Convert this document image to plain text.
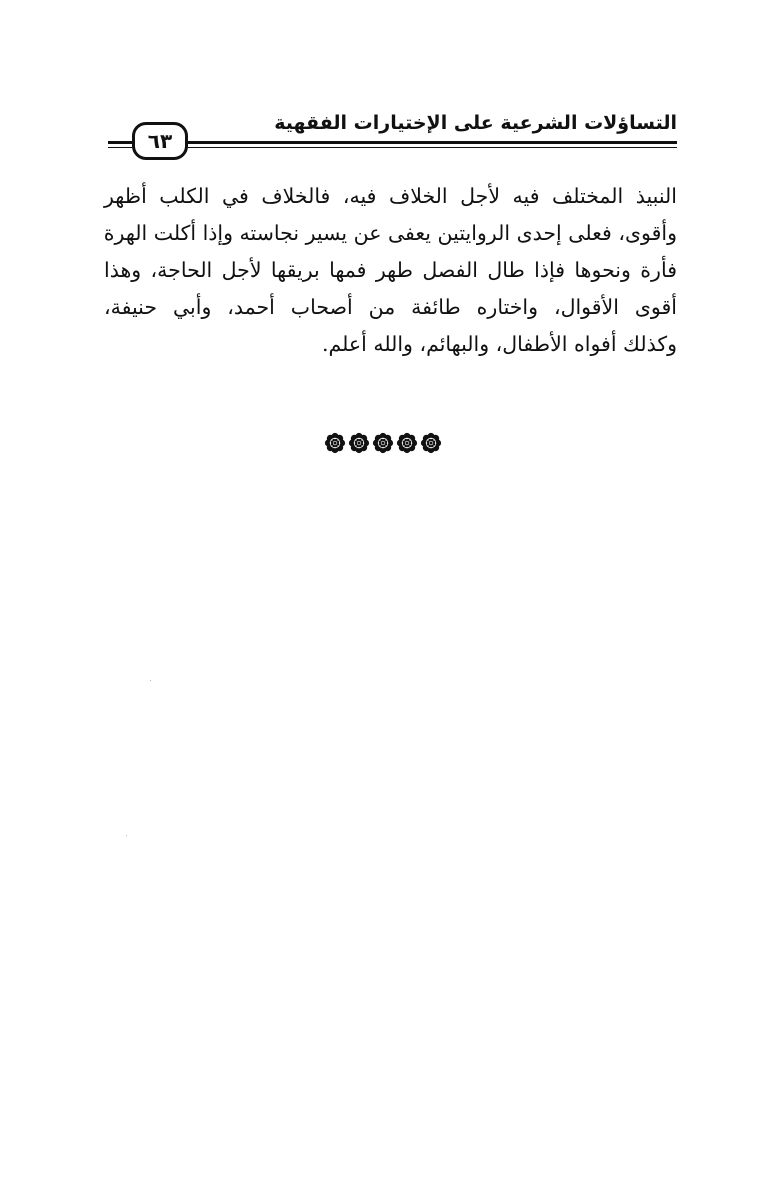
التساؤلات الشرعية على الإختيارات الفقهية
٦٣
النبيذ المختلف فيه لأجل الخلاف فيه، فالخلاف في الكلب أظهر
وأقوى، فعلى إحدى الروايتين يعفى عن يسير نجاسته وإذا أكلت الهرة
فأرة ونحوها فإذا طال الفصل طهر فمها بريقها لأجل الحاجة، وهذا
أقوى الأقوال، واختاره طائفة من أصحاب أحمد، وأبي حنيفة،
وكذلك أفواه الأطفال، والبهائم، والله أعلم.
